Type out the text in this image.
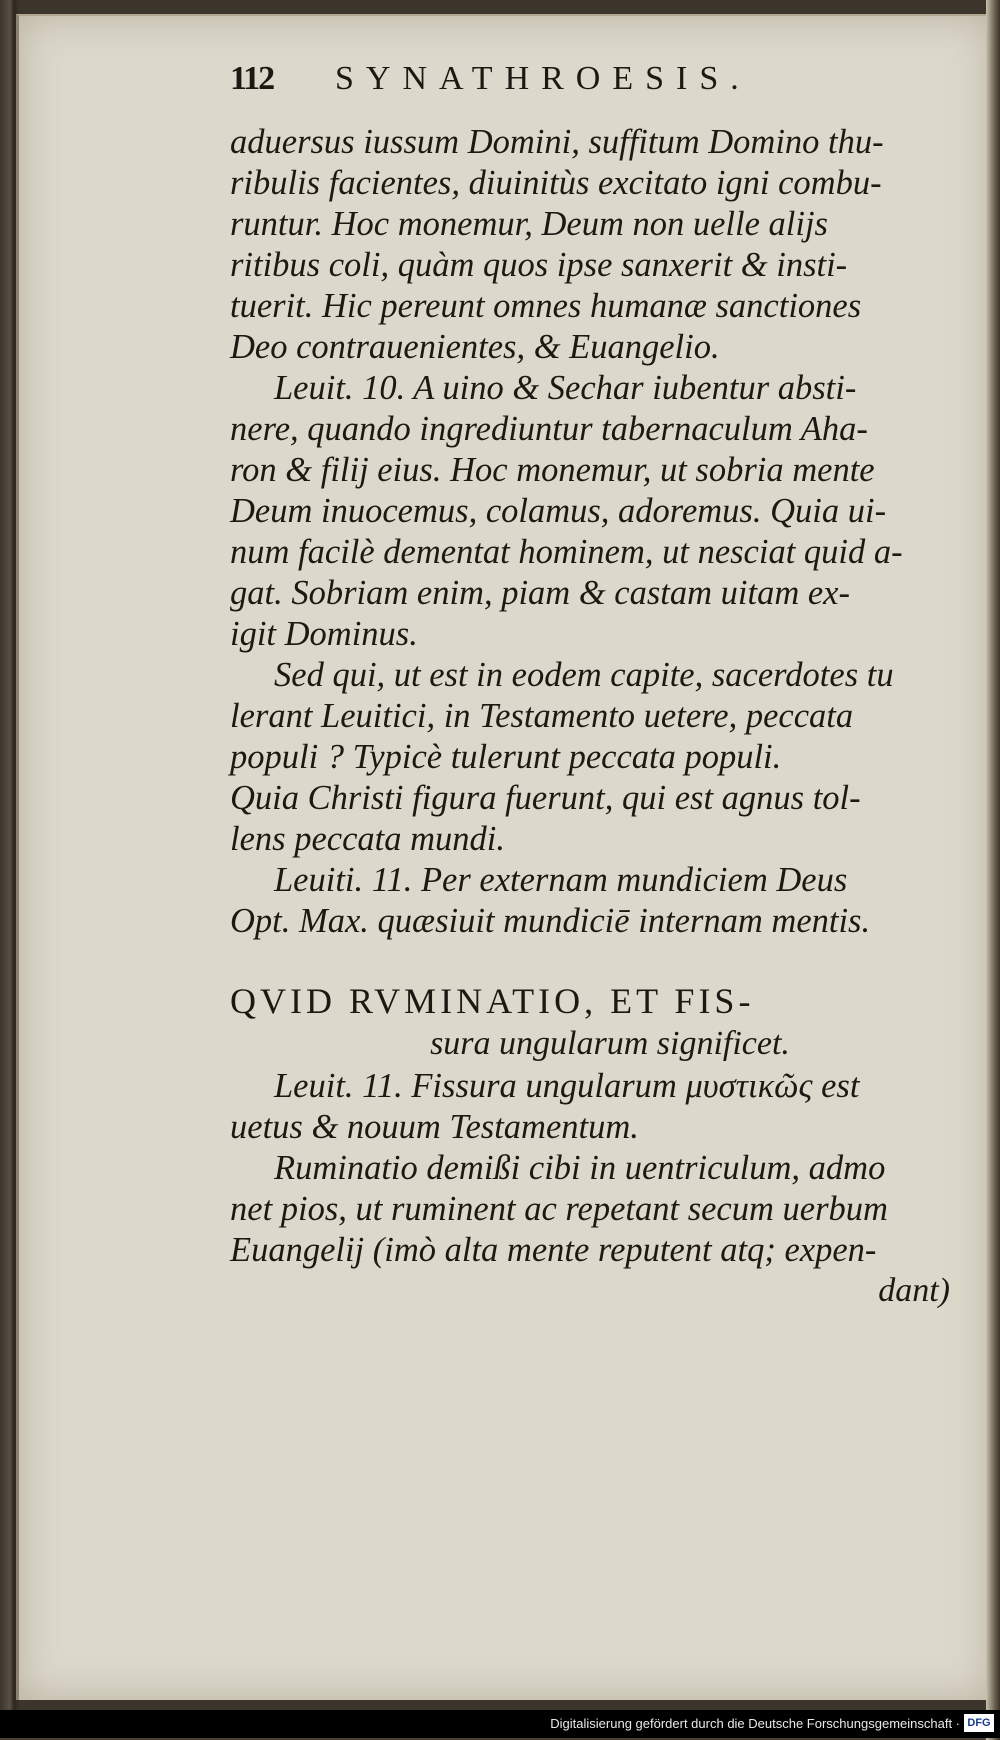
112	SYNATHROESIS.

aduersus iussum Domini, suffitum Domino thu-
ribulis facientes, diuinitùs excitato igni combu-
runtur. Hoc monemur, Deum non uelle alijs
ritibus coli, quàm quos ipse sanxerit & insti-
tuerit. Hic pereunt omnes humanæ sanctiones
Deo contrauenientes, & Euangelio.

Leuit. 10. A uino & Sechar iubentur absti-
nere, quando ingrediuntur tabernaculum Aha-
ron & filij eius. Hoc monemur, ut sobria mente
Deum inuocemus, colamus, adoremus. Quia ui-
num facilè dementat hominem, ut nesciat quid a-
gat. Sobriam enim, piam & castam uitam ex-
igit Dominus.

Sed qui, ut est in eodem capite, sacerdotes tu
lerant Leuitici, in Testamento uetere, peccata
populi ? Typicè tulerunt peccata populi.
Quia Christi figura fuerunt, qui est agnus tol-
lens peccata mundi.

Leuiti. 11. Per externam mundiciem Deus
Opt. Max. quæsiuit mundiciē internam mentis.

QVID RVMINATIO, ET FIS-
sura ungularum significet.

Leuit. 11. Fissura ungularum μυστικῶς est
uetus & nouum Testamentum.

Ruminatio demißi cibi in uentriculum, admo
net pios, ut ruminent ac repetant secum uerbum
Euangelij (imò alta mente reputent atq; expen-

dant)
Digitalisierung gefördert durch die Deutsche Forschungsgemeinschaft · DFG
